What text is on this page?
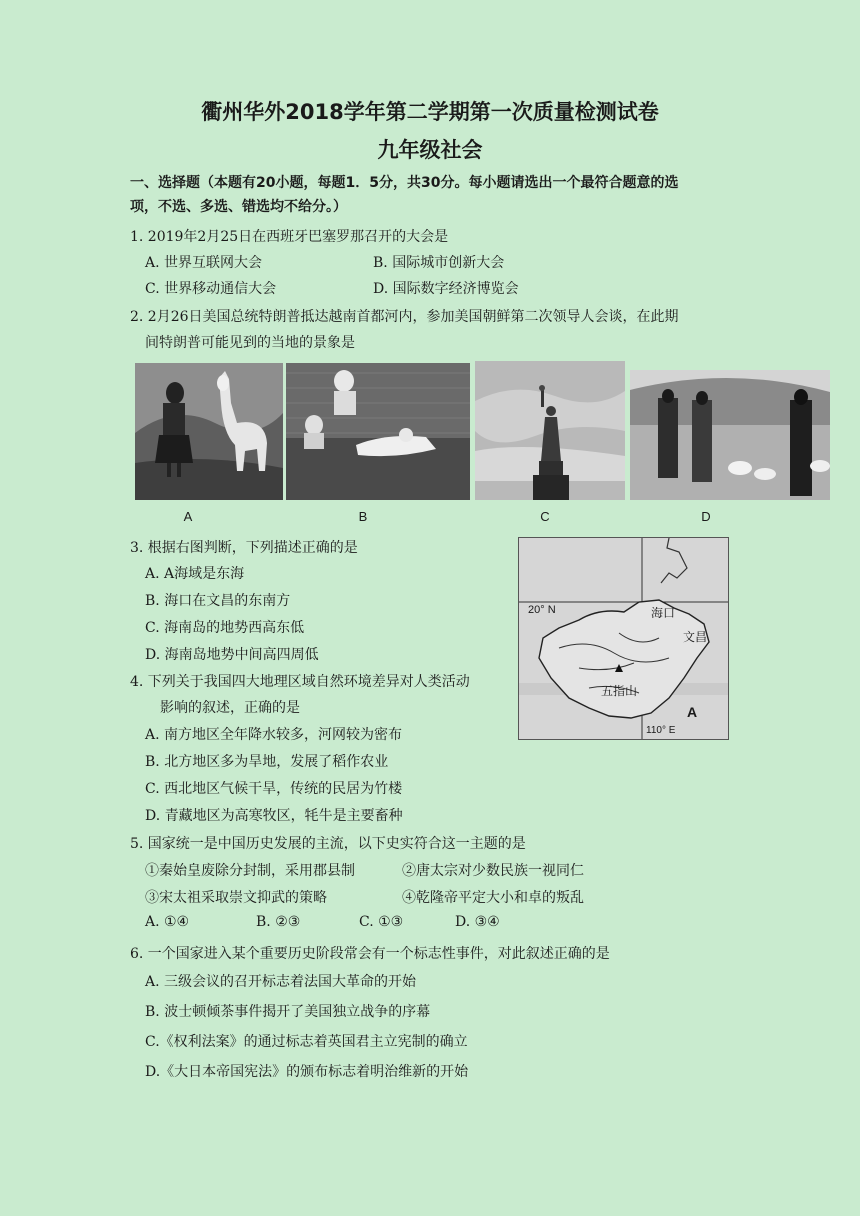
衢州华外2018学年第二学期第一次质量检测试卷
九年级社会
一、选择题（本题有20小题，每题1．5分，共30分。每小题请选出一个最符合题意的选
项，不选、多选、错选均不给分。）
1. 2019年2月25日在西班牙巴塞罗那召开的大会是
A. 世界互联网大会	B. 国际城市创新大会
C. 世界移动通信大会	D. 国际数字经济博览会
2. 2月26日美国总统特朗普抵达越南首都河内，参加美国朝鲜第二次领导人会谈，在此期
间特朗普可能见到的当地的景象是
A	B	C	D
3. 根据右图判断，下列描述正确的是
A. A海域是东海
B. 海口在文昌的东南方
C. 海南岛的地势西高东低
D. 海南岛地势中间高四周低
20° N	海口
文昌
五指山
A
110° E
4. 下列关于我国四大地理区域自然环境差异对人类活动
影响的叙述，正确的是
A. 南方地区全年降水较多，河网较为密布
B. 北方地区多为旱地，发展了稻作农业
C. 西北地区气候干旱，传统的民居为竹楼
D. 青藏地区为高寒牧区，牦牛是主要畜种
5. 国家统一是中国历史发展的主流，以下史实符合这一主题的是
①秦始皇废除分封制，采用郡县制	②唐太宗对少数民族一视同仁
③宋太祖采取崇文抑武的策略	④乾隆帝平定大小和卓的叛乱
A. ①④	B. ②③	C. ①③	D. ③④
6. 一个国家进入某个重要历史阶段常会有一个标志性事件，对此叙述正确的是
A. 三级会议的召开标志着法国大革命的开始
B. 波士顿倾茶事件揭开了美国独立战争的序幕
C.《权利法案》的通过标志着英国君主立宪制的确立
D.《大日本帝国宪法》的颁布标志着明治维新的开始
